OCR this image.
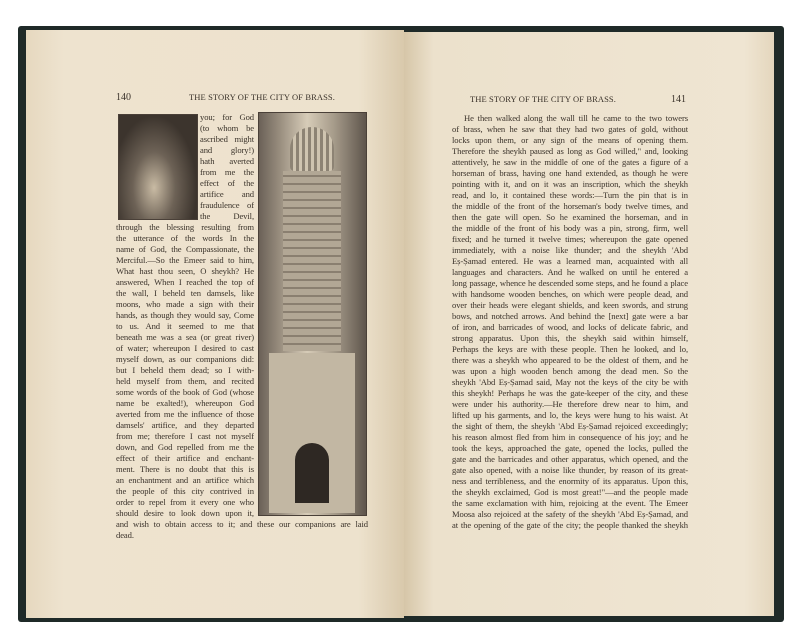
140	THE STORY OF THE CITY OF BRASS.	THE STORY OF THE CITY OF BRASS.	141
you; for God
(to whom be
ascribed might
and glory!)
hath averted
from me the
effect of the
artifice and
fraudulence of
the Devil,
through the blessing resulting from
the utterance of the words In the
name of God, the Compassionate, the
Merciful.—So the Emeer said to him,
What hast thou seen, O sheykh? He
answered, When I reached the top of
the wall, I beheld ten damsels, like
moons, who made a sign with their
hands, as though they would say, Come
to us. And it seemed to me that
beneath me was a sea (or great river)
of water; whereupon I desired to cast
myself down, as our companions did:
but I beheld them dead; so I with-
held myself from them, and recited
some words of the book of God (whose
name be exalted!), whereupon God
averted from me the influence of those
damsels' artifice, and they departed
from me; therefore I cast not myself
down, and God repelled from me the
effect of their artifice and enchant-
ment. There is no doubt that this is
an enchantment and an artifice which
the people of this city contrived in
order to repel from it every one who
should desire to look down upon it,
and wish to obtain access to it; and these our companions are laid
dead.
He then walked along the wall till he came to the two towers
of brass, when he saw that they had two gates of gold, without
locks upon them, or any sign of the means of opening them.
Therefore the sheykh paused as long as God willed," and, looking
attentively, he saw in the middle of one of the gates a figure of a
horseman of brass, having one hand extended, as though he were
pointing with it, and on it was an inscription, which the sheykh
read, and lo, it contained these words:—Turn the pin that is in
the middle of the front of the horseman's body twelve times, and
then the gate will open. So he examined the horseman, and in
the middle of the front of his body was a pin, strong, firm, well
fixed; and he turned it twelve times; whereupon the gate opened
immediately, with a noise like thunder; and the sheykh 'Abd
Eṣ-Ṣamad entered. He was a learned man, acquainted with all
languages and characters. And he walked on until he entered a
long passage, whence he descended some steps, and he found a place
with handsome wooden benches, on which were people dead, and
over their heads were elegant shields, and keen swords, and strung
bows, and notched arrows. And behind the [next] gate were a bar
of iron, and barricades of wood, and locks of delicate fabric, and
strong apparatus. Upon this, the sheykh said within himself,
Perhaps the keys are with these people. Then he looked, and lo,
there was a sheykh who appeared to be the oldest of them, and he
was upon a high wooden bench among the dead men. So the
sheykh 'Abd Eṣ-Ṣamad said, May not the keys of the city be with
this sheykh! Perhaps he was the gate-keeper of the city, and these
were under his authority.—He therefore drew near to him, and
lifted up his garments, and lo, the keys were hung to his waist. At
the sight of them, the sheykh 'Abd Eṣ-Ṣamad rejoiced exceedingly;
his reason almost fled from him in consequence of his joy; and he
took the keys, approached the gate, opened the locks, pulled the
gate and the barricades and other apparatus, which opened, and the
gate also opened, with a noise like thunder, by reason of its great-
ness and terribleness, and the enormity of its apparatus. Upon this,
the sheykh exclaimed, God is most great!"—and the people made
the same exclamation with him, rejoicing at the event. The Emeer
Moosa also rejoiced at the safety of the sheykh 'Abd Eṣ-Ṣamad, and
at the opening of the gate of the city; the people thanked the sheykh
